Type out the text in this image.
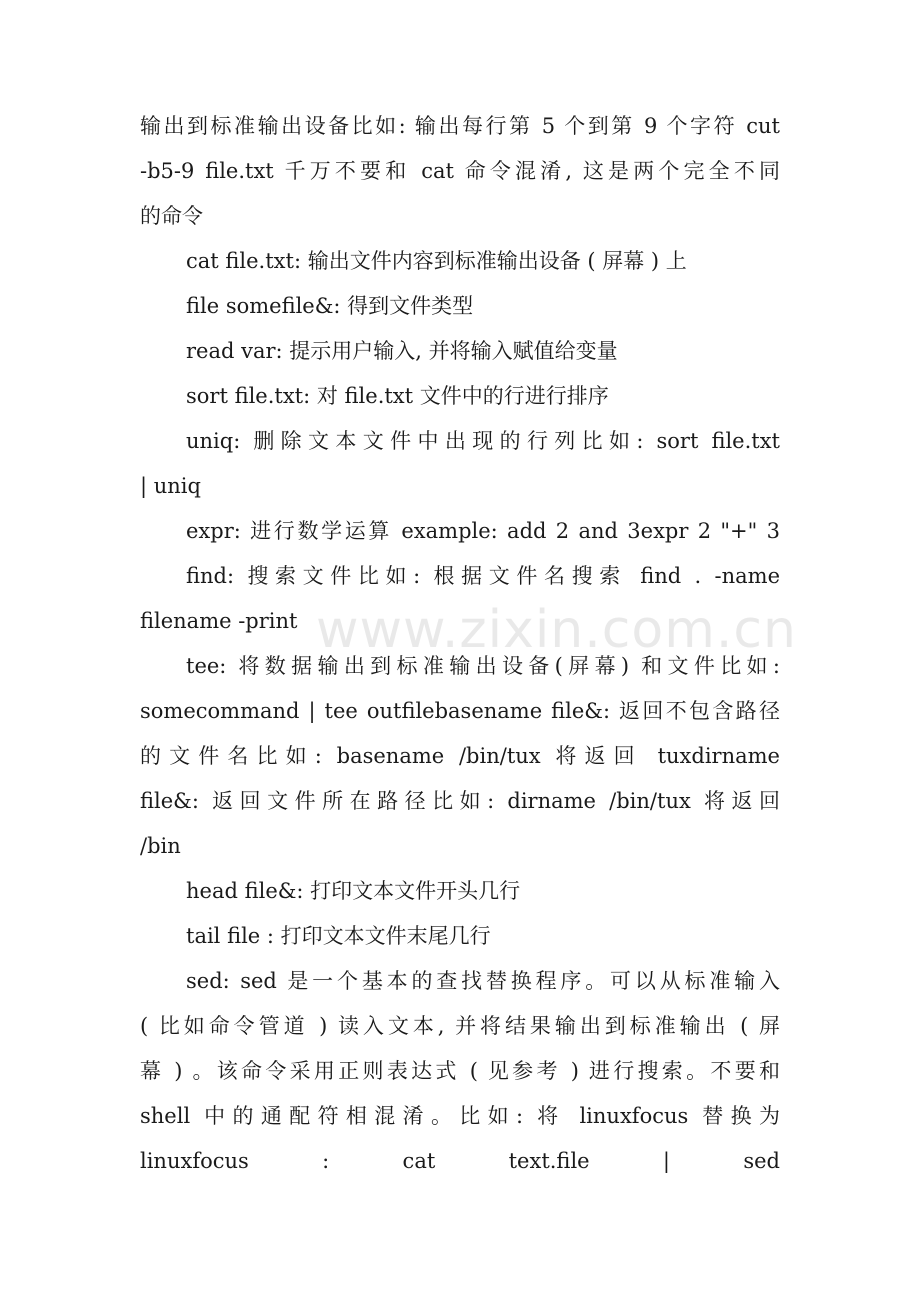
www.zixin.com.cn
输出到标准输出设备比如: 输出每行第 5 个到第 9 个字符 cut
-b5-9 file.txt 千万不要和 cat 命令混淆, 这是两个完全不同
的命令
cat file.txt: 输出文件内容到标准输出设备 ( 屏幕 ) 上
file somefile&: 得到文件类型
read var: 提示用户输入, 并将输入赋值给变量
sort file.txt: 对 file.txt 文件中的行进行排序
uniq: 删除文本文件中出现的行列比如: sort file.txt
| uniq
expr: 进行数学运算 example: add 2 and 3expr 2 "+" 3
find: 搜索文件比如: 根据文件名搜索 find . -name
filename -print
tee: 将数据输出到标准输出设备(屏幕) 和文件比如:
somecommand | tee outfilebasename file&: 返回不包含路径
的文件名比如: basename /bin/tux 将返回 tuxdirname
file&: 返回文件所在路径比如: dirname /bin/tux 将返回
/bin
head file&: 打印文本文件开头几行
tail file : 打印文本文件末尾几行
sed: sed 是一个基本的查找替换程序。可以从标准输入
( 比如命令管道 ) 读入文本, 并将结果输出到标准输出 ( 屏
幕 ) 。该命令采用正则表达式 ( 见参考 ) 进行搜索。不要和
shell 中的通配符相混淆。比如: 将 linuxfocus 替换为
linuxfocus : cat text.file | sed
